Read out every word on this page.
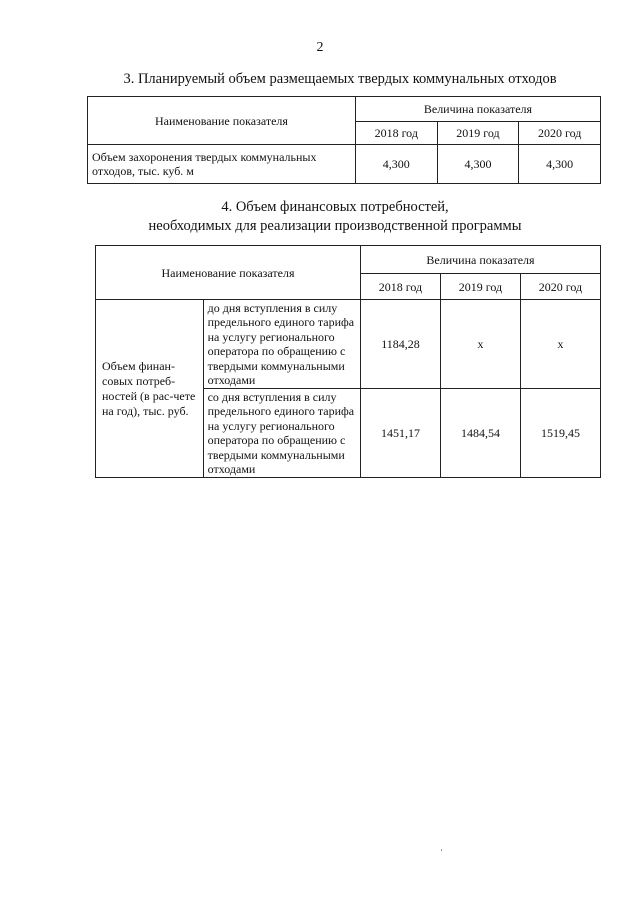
2
3. Планируемый объем размещаемых твердых коммунальных отходов
Наименование показателя	Величина показателя		
	2018 год	2019 год	2020 год
Объем захоронения твердых коммунальных отходов, тыс. куб. м	4,300	4,300	4,300
4. Объем финансовых потребностей,
необходимых для реализации производственной программы
Наименование показателя		Величина показателя		
		2018 год	2019 год	2020 год
Объем финан-совых потреб-ностей (в рас-чете на год), тыс. руб.	до дня вступления в силу предельного единого тарифа на услугу регионального оператора по обращению с твердыми коммунальными отходами	1184,28	х	х
	со дня вступления в силу предельного единого тарифа на услугу регионального оператора по обращению с твердыми коммунальными отходами	1451,17	1484,54	1519,45
